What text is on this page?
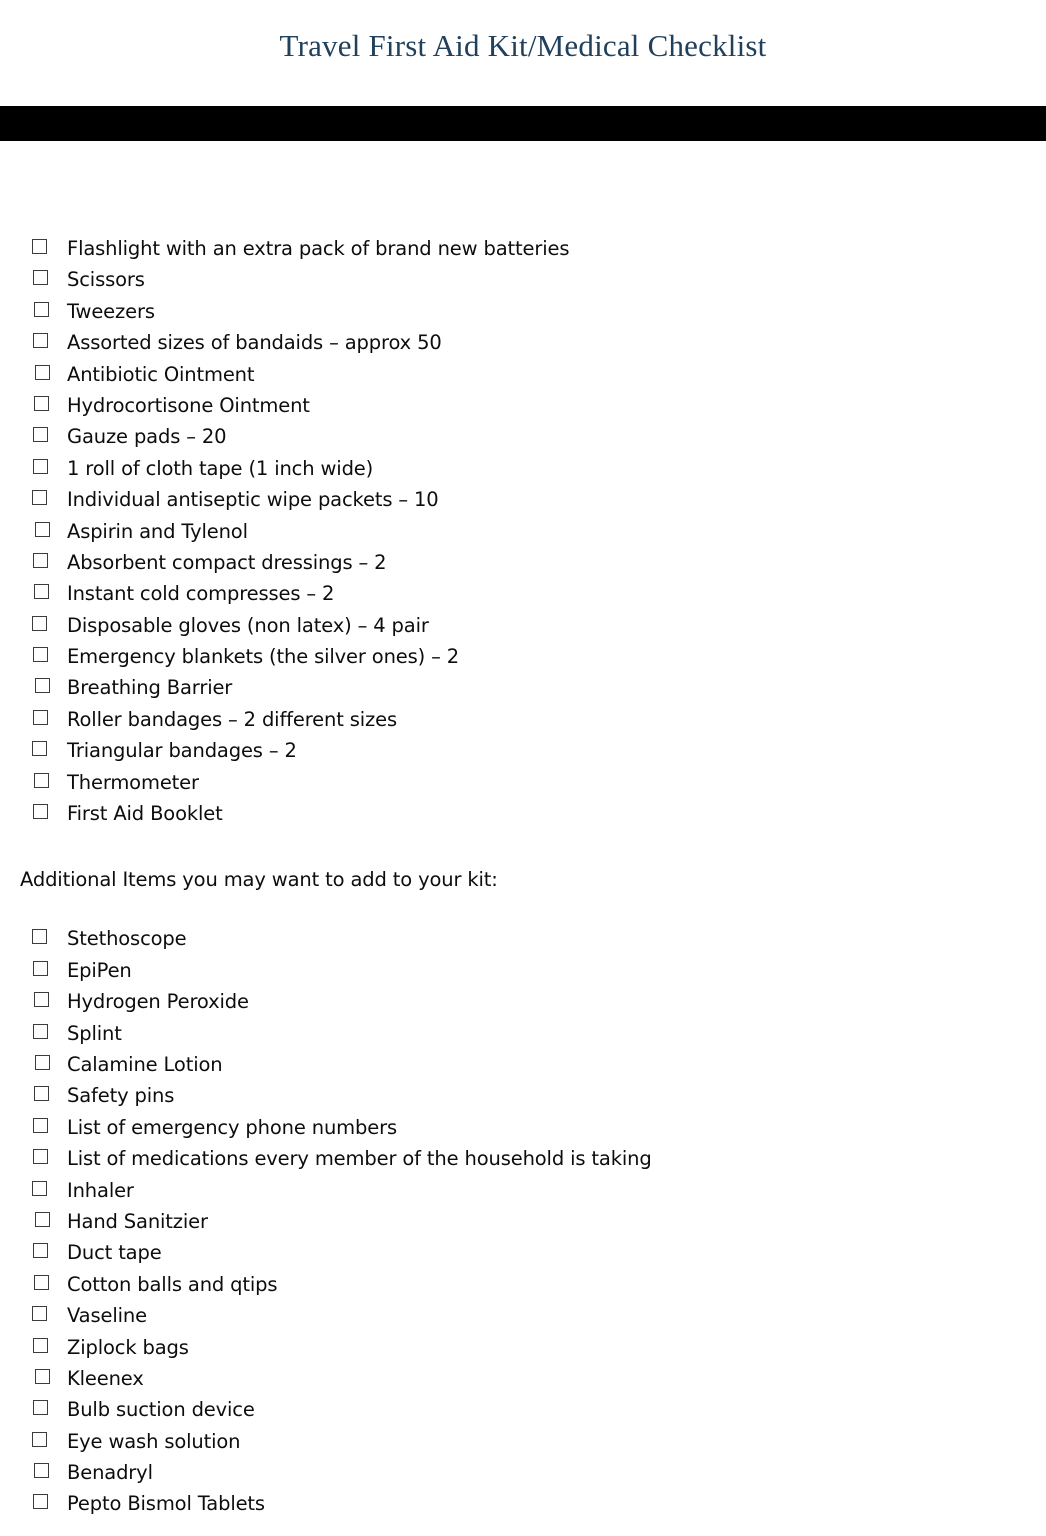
Travel First Aid Kit/Medical Checklist
Flashlight with an extra pack of brand new batteries
Scissors
Tweezers
Assorted sizes of bandaids – approx 50
Antibiotic Ointment
Hydrocortisone Ointment
Gauze pads – 20
1 roll of cloth tape (1 inch wide)
Individual antiseptic wipe packets – 10
Aspirin and Tylenol
Absorbent compact dressings – 2
Instant cold compresses – 2
Disposable gloves (non latex) – 4 pair
Emergency blankets (the silver ones) – 2
Breathing Barrier
Roller bandages – 2 different sizes
Triangular bandages – 2
Thermometer
First Aid Booklet
Additional Items you may want to add to your kit:
Stethoscope
EpiPen
Hydrogen Peroxide
Splint
Calamine Lotion
Safety pins
List of emergency phone numbers
List of medications every member of the household is taking
Inhaler
Hand Sanitzier
Duct tape
Cotton balls and qtips
Vaseline
Ziplock bags
Kleenex
Bulb suction device
Eye wash solution
Benadryl
Pepto Bismol Tablets
